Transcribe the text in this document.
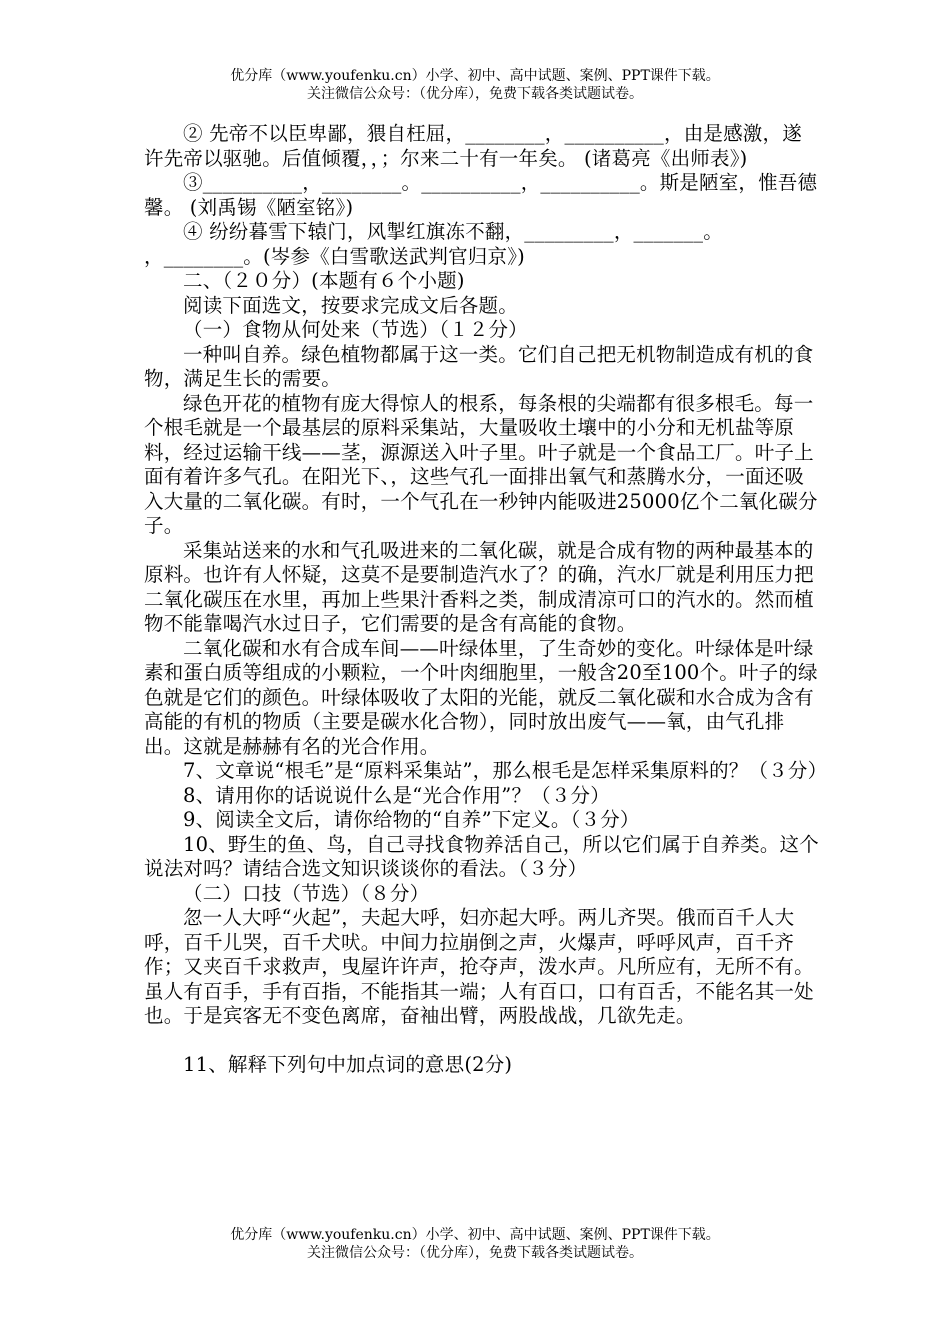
优分库（www.youfenku.cn）小学、初中、高中试题、案例、PPT课件下载。
关注微信公众号：（优分库），免费下载各类试题试卷。

② 先帝不以臣卑鄙，猥自枉屈，________，__________，由是感激，遂许先帝以驱驰。后值倾覆，，；尔来二十有一年矣。 (诸葛亮《出师表》)

③__________，________。__________，__________。斯是陋室，惟吾德馨。 (刘禹锡《陋室铭》)

④ 纷纷暮雪下辕门，风掣红旗冻不翻，_________，_______。

，________。(岑参《白雪歌送武判官归京》)

二、（２０分）(本题有６个小题)

阅读下面选文，按要求完成文后各题。

（一）食物从何处来（节选）（１２分）

一种叫自养。绿色植物都属于这一类。它们自己把无机物制造成有机的食物，满足生长的需要。

绿色开花的植物有庞大得惊人的根系，每条根的尖端都有很多根毛。每一个根毛就是一个最基层的原料采集站，大量吸收土壤中的小分和无机盐等原料，经过运输干线——茎，源源送入叶子里。叶子就是一个食品工厂。叶子上面有着许多气孔。在阳光下、，这些气孔一面排出氧气和蒸腾水分，一面还吸入大量的二氧化碳。有时，一个气孔在一秒钟内能吸进25000亿个二氧化碳分子。

采集站送来的水和气孔吸进来的二氧化碳，就是合成有物的两种最基本的原料。也许有人怀疑，这莫不是要制造汽水了？的确，汽水厂就是利用压力把二氧化碳压在水里，再加上些果汁香料之类，制成清凉可口的汽水的。然而植物不能靠喝汽水过日子，它们需要的是含有高能的食物。

二氧化碳和水有合成车间——叶绿体里，了生奇妙的变化。叶绿体是叶绿素和蛋白质等组成的小颗粒，一个叶肉细胞里，一般含20至100个。叶子的绿色就是它们的颜色。叶绿体吸收了太阳的光能，就反二氧化碳和水合成为含有高能的有机的物质（主要是碳水化合物），同时放出废气——氧，由气孔排出。这就是赫赫有名的光合作用。

7、文章说“根毛”是“原料采集站”，那么根毛是怎样采集原料的？（３分）

8、请用你的话说说什么是“光合作用”？（３分）

9、阅读全文后，请你给物的“自养”下定义。（３分）

10、野生的鱼、鸟，自己寻找食物养活自己，所以它们属于自养类。这个说法对吗？请结合选文知识谈谈你的看法。（３分）

（二）口技（节选）（８分）

忽一人大呼“火起”，夫起大呼，妇亦起大呼。两儿齐哭。俄而百千人大呼，百千儿哭，百千犬吠。中间力拉崩倒之声，火爆声，呼呼风声，百千齐作；又夹百千求救声，曳屋许许声，抢夺声，泼水声。凡所应有，无所不有。虽人有百手，手有百指，不能指其一端；人有百口，口有百舌，不能名其一处也。于是宾客无不变色离席，奋袖出臂，两股战战，几欲先走。

11、解释下列句中加点词的意思(2分)

优分库（www.youfenku.cn）小学、初中、高中试题、案例、PPT课件下载。
关注微信公众号：（优分库），免费下载各类试题试卷。
